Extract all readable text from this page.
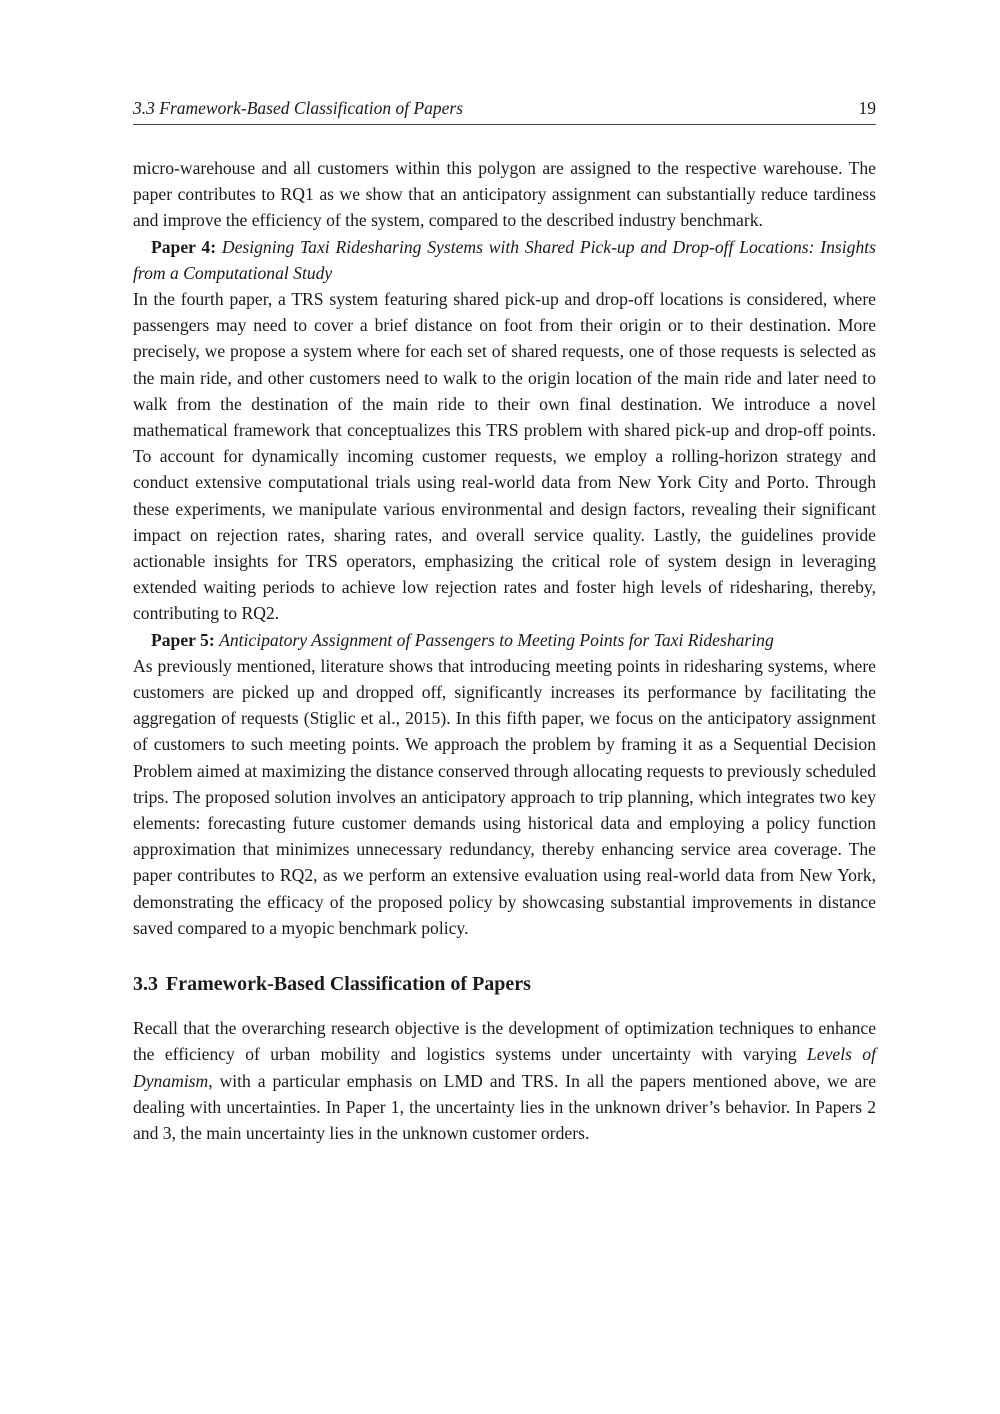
3.3 Framework-Based Classification of Papers	19

micro-warehouse and all customers within this polygon are assigned to the respective warehouse. The paper contributes to RQ1 as we show that an anticipatory assignment can substantially reduce tardiness and improve the efficiency of the system, compared to the described industry benchmark.

Paper 4: Designing Taxi Ridesharing Systems with Shared Pick-up and Drop-off Locations: Insights from a Computational Study

In the fourth paper, a TRS system featuring shared pick-up and drop-off locations is considered, where passengers may need to cover a brief distance on foot from their origin or to their destination. More precisely, we propose a system where for each set of shared requests, one of those requests is selected as the main ride, and other customers need to walk to the origin location of the main ride and later need to walk from the destination of the main ride to their own final destination. We introduce a novel mathematical framework that conceptualizes this TRS problem with shared pick-up and drop-off points. To account for dynamically incoming customer requests, we employ a rolling-horizon strategy and conduct extensive computational trials using real-world data from New York City and Porto. Through these experiments, we manipulate various environmental and design factors, revealing their significant impact on rejection rates, sharing rates, and overall service quality. Lastly, the guidelines provide actionable insights for TRS operators, emphasizing the critical role of system design in leveraging extended waiting periods to achieve low rejection rates and foster high levels of ridesharing, thereby, contributing to RQ2.

Paper 5: Anticipatory Assignment of Passengers to Meeting Points for Taxi Ridesharing

As previously mentioned, literature shows that introducing meeting points in ridesharing systems, where customers are picked up and dropped off, significantly increases its performance by facilitating the aggregation of requests (Stiglic et al., 2015). In this fifth paper, we focus on the anticipatory assignment of customers to such meeting points. We approach the problem by framing it as a Sequential Decision Problem aimed at maximizing the distance conserved through allocating requests to previously scheduled trips. The proposed solution involves an anticipatory approach to trip planning, which integrates two key elements: forecasting future customer demands using historical data and employing a policy function approximation that minimizes unnecessary redundancy, thereby enhancing service area coverage. The paper contributes to RQ2, as we perform an extensive evaluation using real-world data from New York, demonstrating the efficacy of the proposed policy by showcasing substantial improvements in distance saved compared to a myopic benchmark policy.

3.3 Framework-Based Classification of Papers

Recall that the overarching research objective is the development of optimization techniques to enhance the efficiency of urban mobility and logistics systems under uncertainty with varying Levels of Dynamism, with a particular emphasis on LMD and TRS. In all the papers mentioned above, we are dealing with uncertainties. In Paper 1, the uncertainty lies in the unknown driver’s behavior. In Papers 2 and 3, the main uncertainty lies in the unknown customer orders.
